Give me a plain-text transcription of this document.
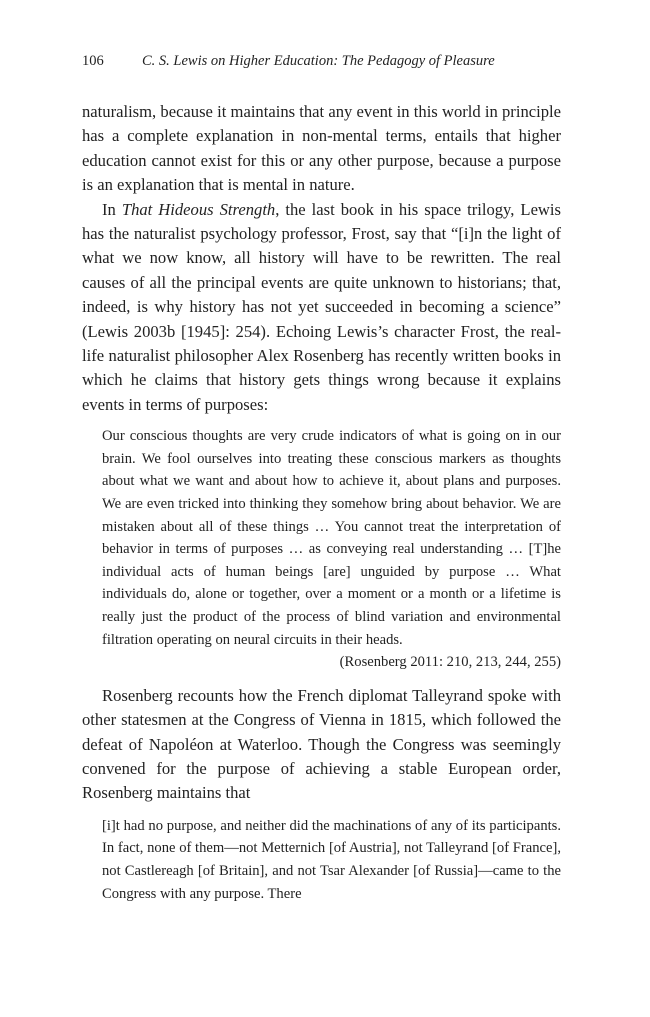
106	C. S. Lewis on Higher Education: The Pedagogy of Pleasure

naturalism, because it maintains that any event in this world in principle has a complete explanation in non-mental terms, entails that higher education cannot exist for this or any other purpose, because a purpose is an explanation that is mental in nature.

In That Hideous Strength, the last book in his space trilogy, Lewis has the naturalist psychology professor, Frost, say that “[i]n the light of what we now know, all history will have to be rewritten. The real causes of all the principal events are quite unknown to historians; that, indeed, is why history has not yet succeeded in becoming a science” (Lewis 2003b [1945]: 254). Echoing Lewis’s character Frost, the real-life naturalist philosopher Alex Rosenberg has recently written books in which he claims that history gets things wrong because it explains events in terms of purposes:

Our conscious thoughts are very crude indicators of what is going on in our brain. We fool ourselves into treating these conscious markers as thoughts about what we want and about how to achieve it, about plans and purposes. We are even tricked into thinking they somehow bring about behavior. We are mistaken about all of these things … You cannot treat the interpretation of behavior in terms of purposes … as conveying real understanding … [T]he individual acts of human beings [are] unguided by purpose … What individuals do, alone or together, over a moment or a month or a lifetime is really just the product of the process of blind variation and environmental filtration operating on neural circuits in their heads.

(Rosenberg 2011: 210, 213, 244, 255)

Rosenberg recounts how the French diplomat Talleyrand spoke with other statesmen at the Congress of Vienna in 1815, which followed the defeat of Napoléon at Waterloo. Though the Congress was seemingly convened for the purpose of achieving a stable European order, Rosenberg maintains that

[i]t had no purpose, and neither did the machinations of any of its participants. In fact, none of them—not Metternich [of Austria], not Talleyrand [of France], not Castlereagh [of Britain], and not Tsar Alexander [of Russia]—came to the Congress with any purpose. There
